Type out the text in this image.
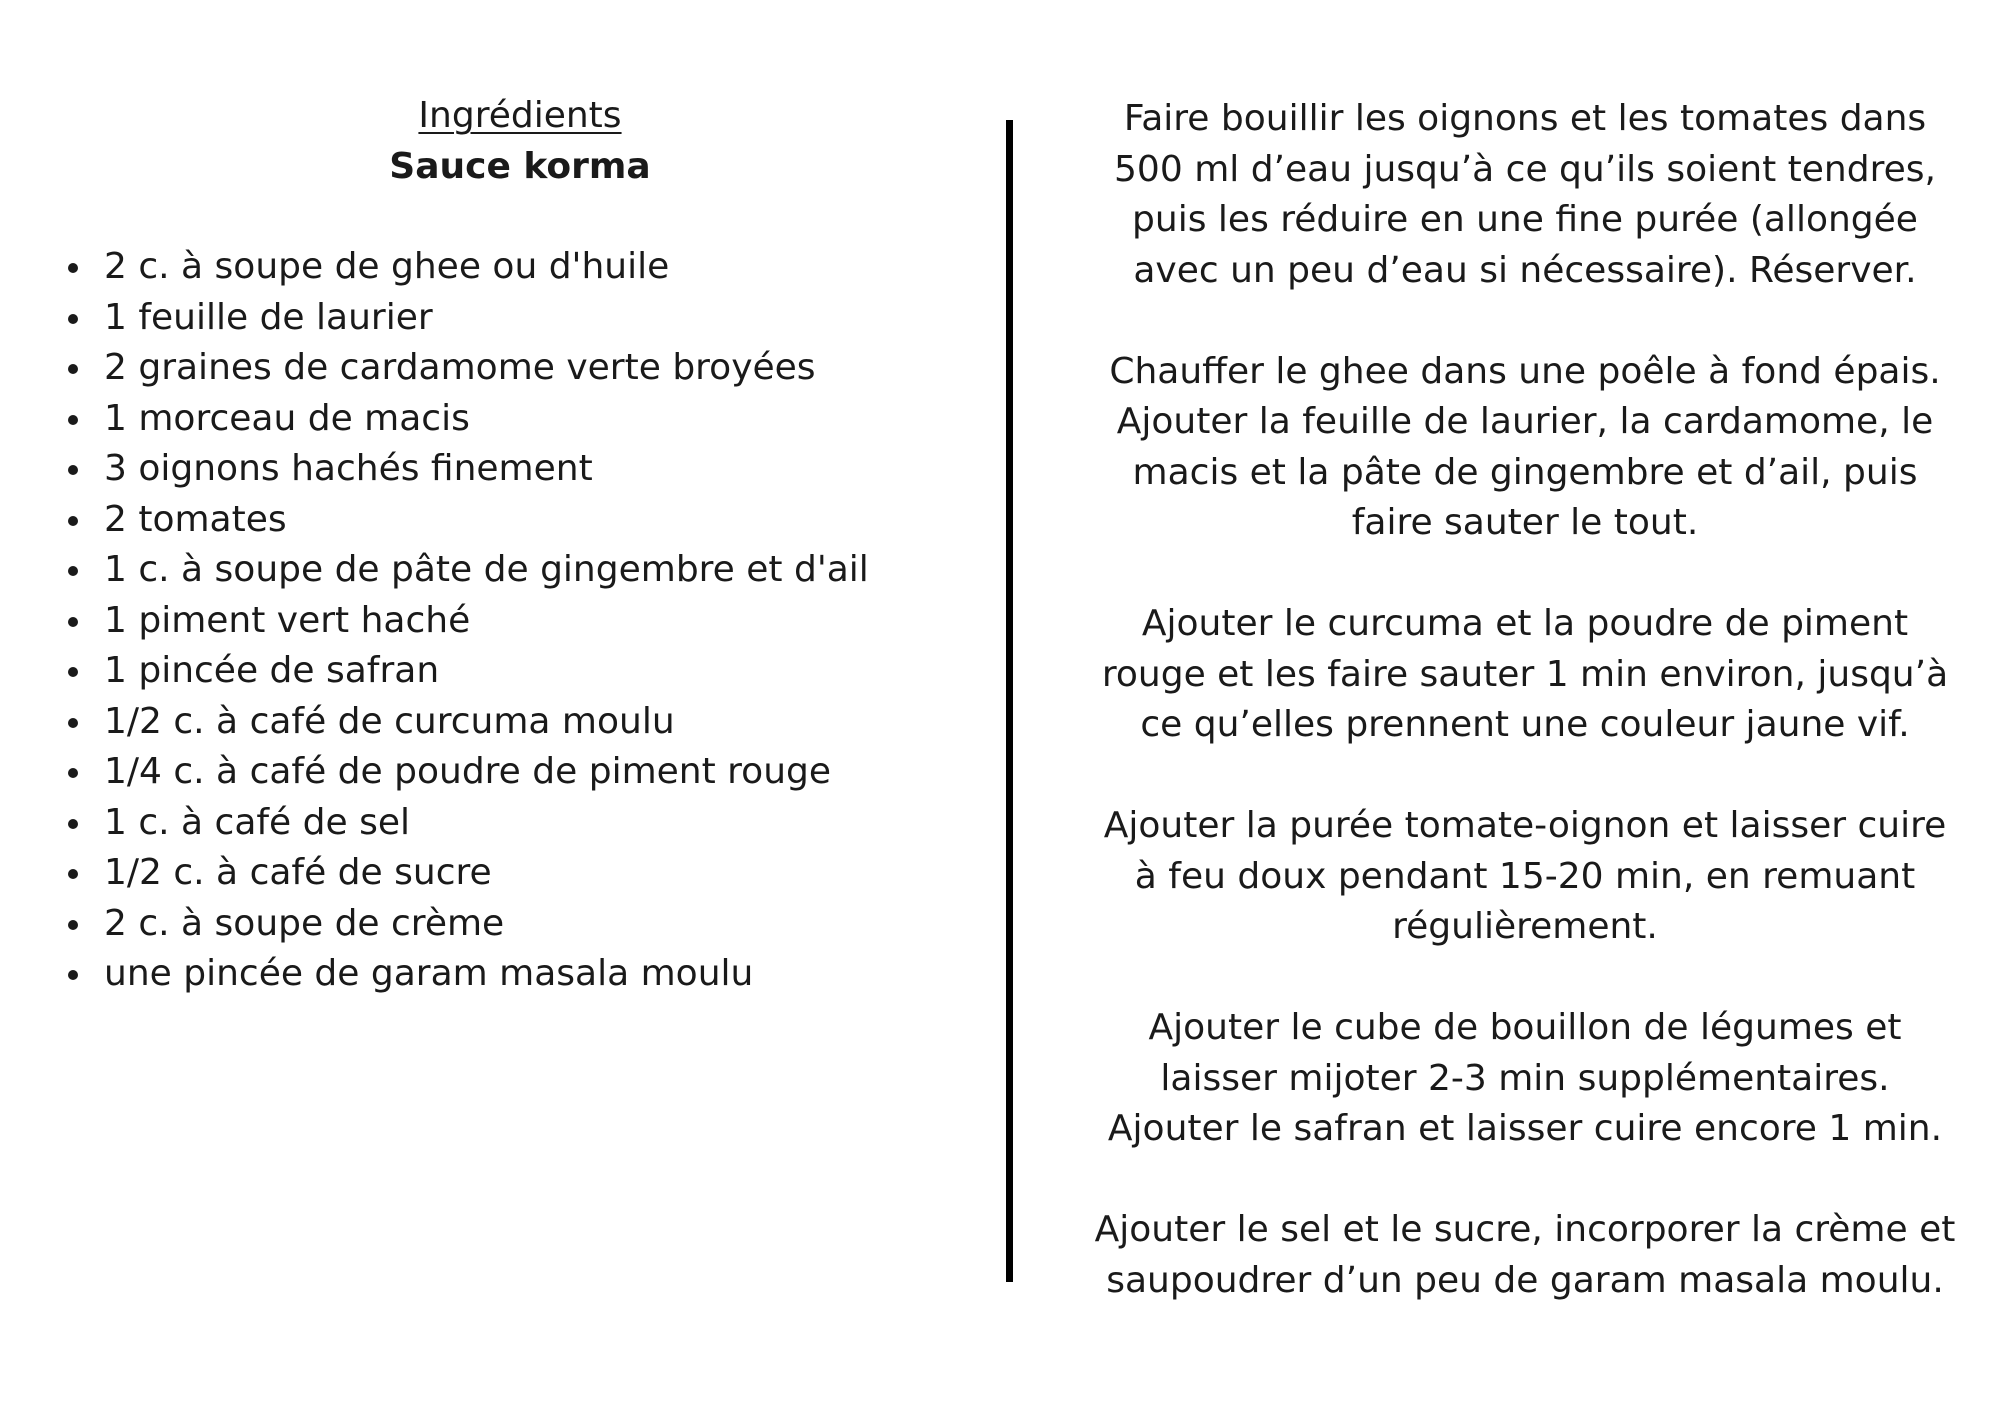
Ingrédients
Sauce korma
2 c. à soupe de ghee ou d'huile
1 feuille de laurier
2 graines de cardamome verte broyées
1 morceau de macis
3 oignons hachés finement
2 tomates
1 c. à soupe de pâte de gingembre et d'ail
1 piment vert haché
1 pincée de safran
1/2 c. à café de curcuma moulu
1/4 c. à café de poudre de piment rouge
1 c. à café de sel
1/2 c. à café de sucre
2 c. à soupe de crème
une pincée de garam masala moulu

Faire bouillir les oignons et les tomates dans
500 ml d’eau jusqu’à ce qu’ils soient tendres,
puis les réduire en une fine purée (allongée
avec un peu d’eau si nécessaire). Réserver.

Chauffer le ghee dans une poêle à fond épais.
Ajouter la feuille de laurier, la cardamome, le
macis et la pâte de gingembre et d’ail, puis
faire sauter le tout.

Ajouter le curcuma et la poudre de piment
rouge et les faire sauter 1 min environ, jusqu’à
ce qu’elles prennent une couleur jaune vif.

Ajouter la purée tomate-oignon et laisser cuire
à feu doux pendant 15-20 min, en remuant
régulièrement.

Ajouter le cube de bouillon de légumes et
laisser mijoter 2-3 min supplémentaires.
Ajouter le safran et laisser cuire encore 1 min.

Ajouter le sel et le sucre, incorporer la crème et
saupoudrer d’un peu de garam masala moulu.
